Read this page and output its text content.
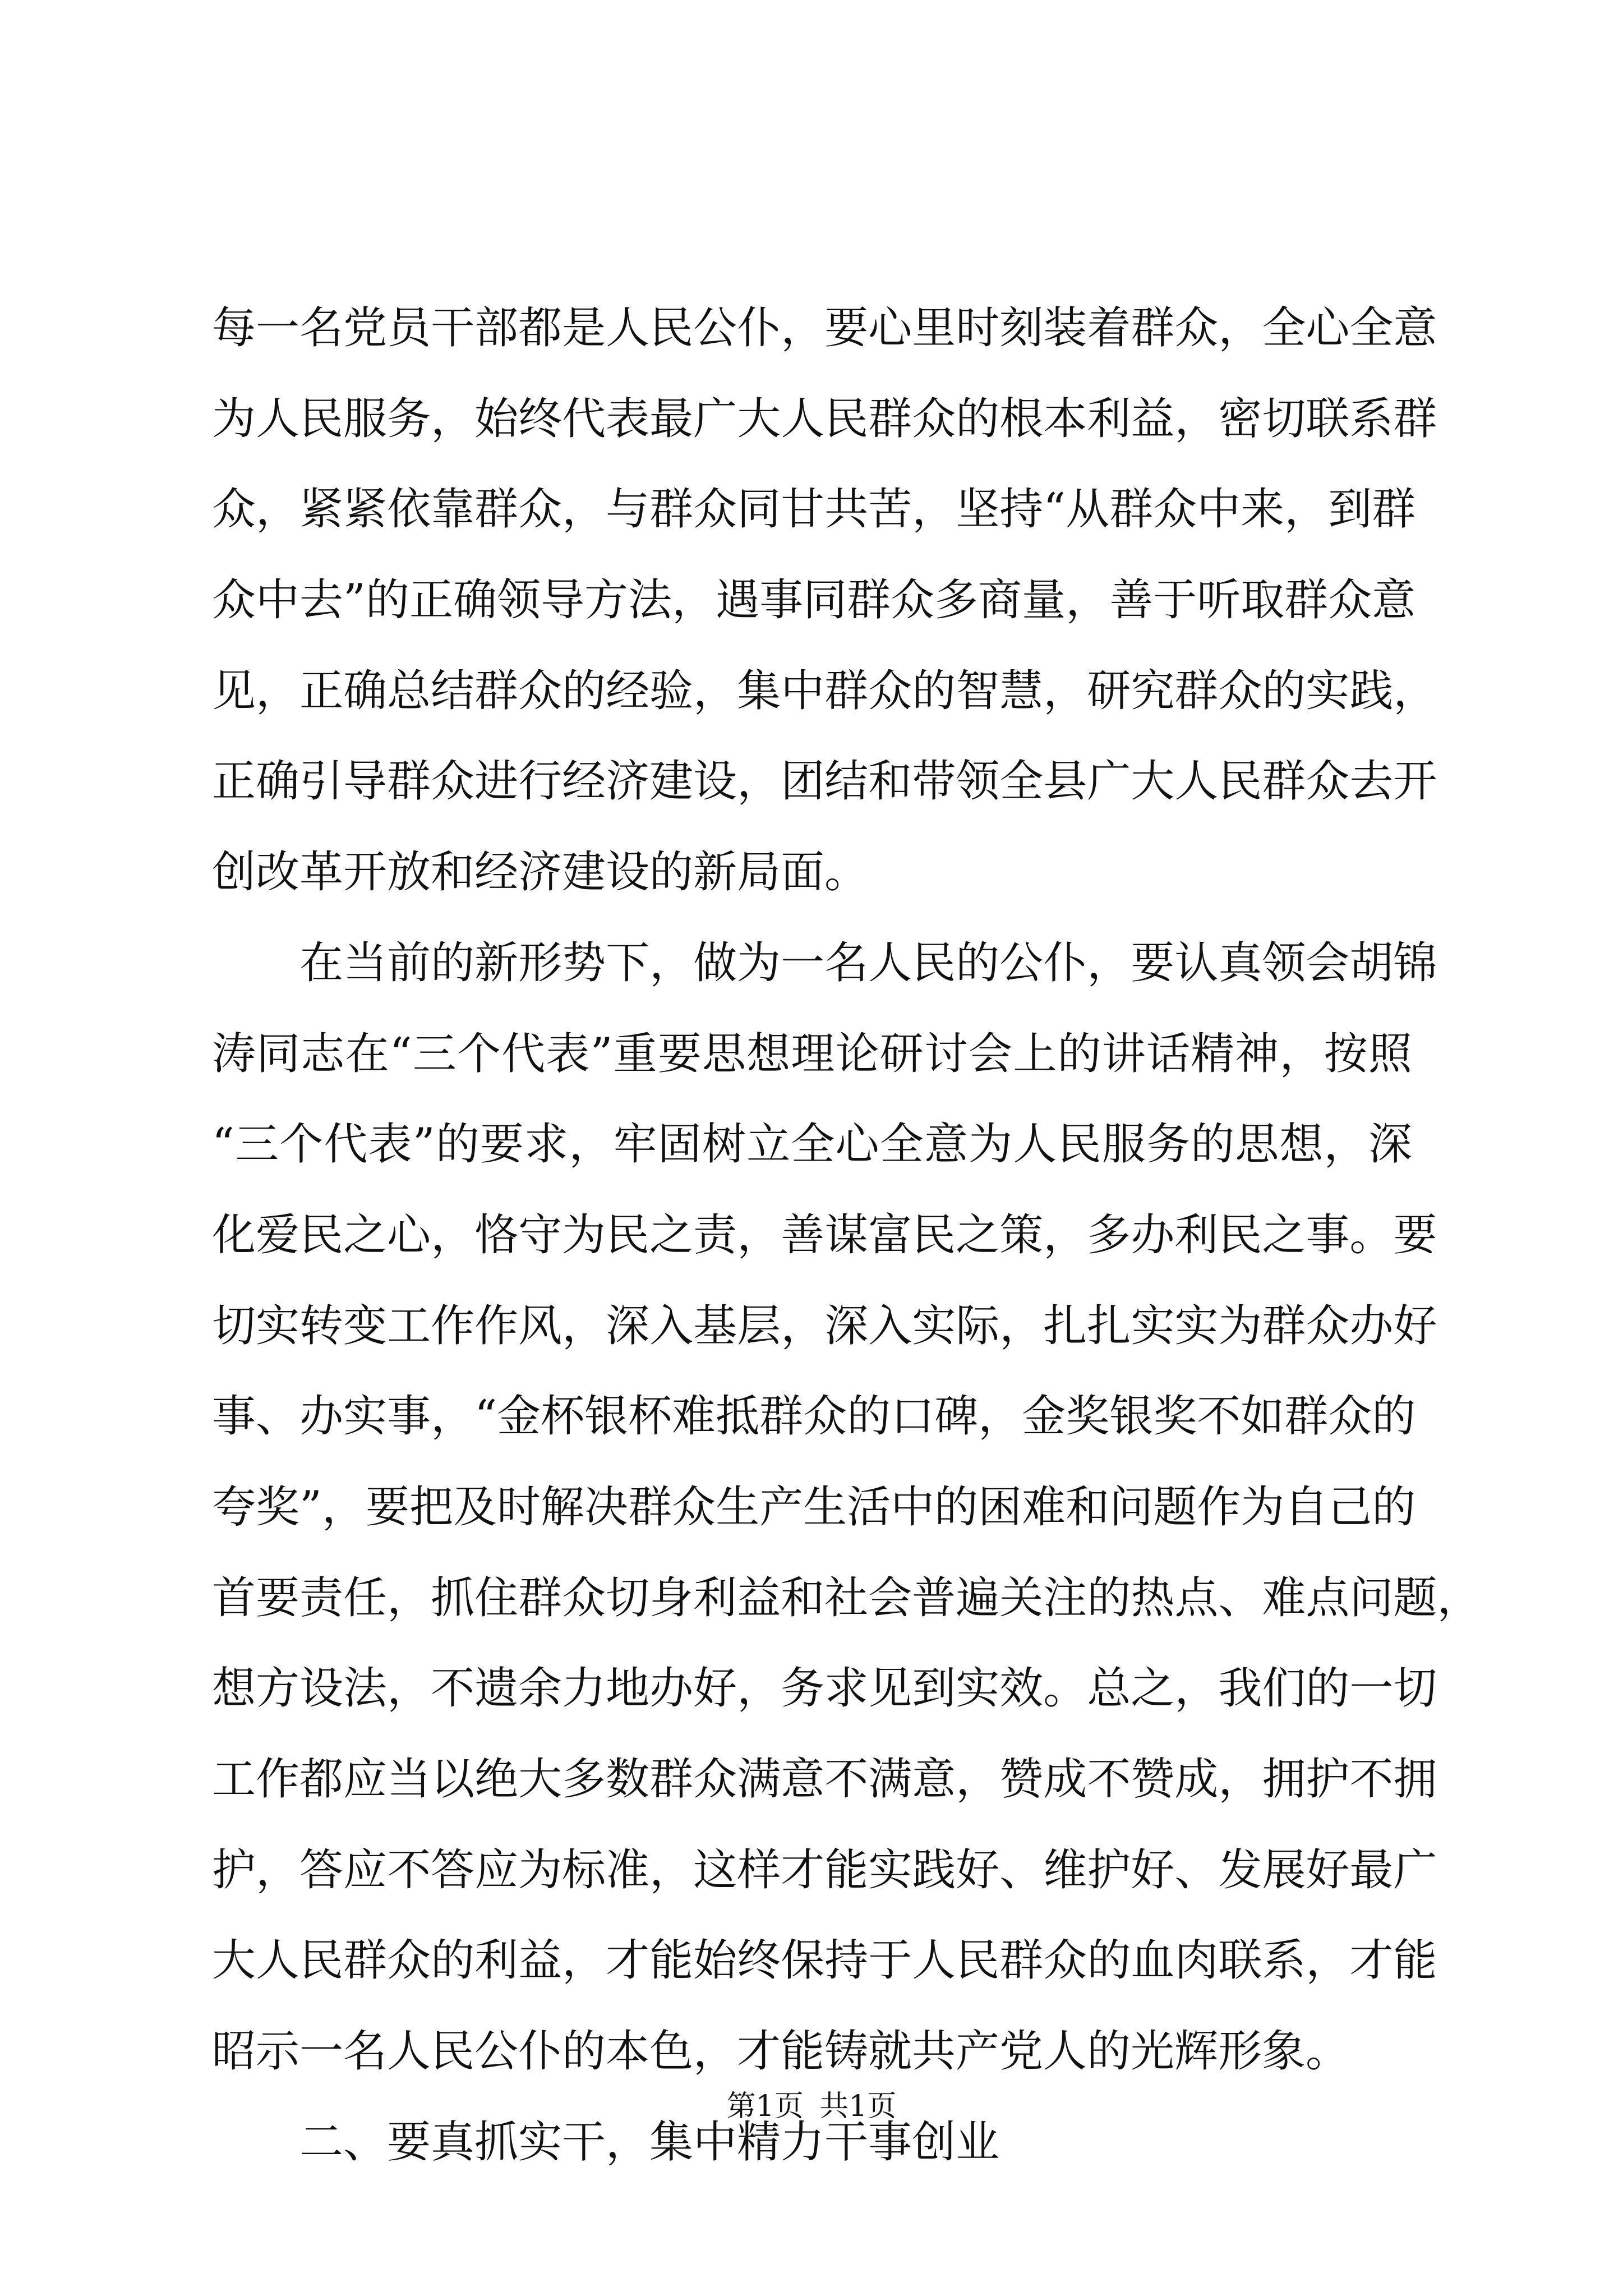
每 一 名 党 员 干 部 都 是 人 民 公 仆 ， 要 心 里 时 刻 装 着 群 众 ， 全 心 全 意
为 人 民 服 务 ， 始 终 代 表 最 广 大 人 民 群 众 的 根 本 利 益 ， 密 切 联 系 群
众 ， 紧 紧 依 靠 群 众 ， 与 群 众 同 甘 共 苦 ， 坚 持 “ 从 群 众 中 来 ， 到 群
众 中 去 ” 的 正 确 领 导 方 法 ， 遇 事 同 群 众 多 商 量 ， 善 于 听 取 群 众 意
见 ， 正 确 总 结 群 众 的 经 验 ， 集 中 群 众 的 智 慧 ， 研 究 群 众 的 实 践 ，
正 确 引 导 群 众 进 行 经 济 建 设 ， 团 结 和 带 领 全 县 广 大 人 民 群 众 去 开
创改革开放和经济建设的新局面。
在 当 前 的 新 形 势 下 ， 做 为 一 名 人 民 的 公 仆 ， 要 认 真 领 会 胡 锦
涛 同 志 在 “ 三 个 代 表 ” 重 要 思 想 理 论 研 讨 会 上 的 讲 话 精 神 ， 按 照
“ 三 个 代 表 ” 的 要 求 ， 牢 固 树 立 全 心 全 意 为 人 民 服 务 的 思 想 ， 深
化 爱 民 之 心 ， 恪 守 为 民 之 责 ， 善 谋 富 民 之 策 ， 多 办 利 民 之 事 。 要
切 实 转 变 工 作 作 风 ， 深 入 基 层 ， 深 入 实 际 ， 扎 扎 实 实 为 群 众 办 好
事 、 办 实 事 ， “ 金 杯 银 杯 难 抵 群 众 的 口 碑 ， 金 奖 银 奖 不 如 群 众 的
夸 奖 ” ， 要 把 及 时 解 决 群 众 生 产 生 活 中 的 困 难 和 问 题 作 为 自 己 的
首 要 责 任 ， 抓 住 群 众 切 身 利 益 和 社 会 普 遍 关 注 的 热 点 、 难 点 问 题 ，
想 方 设 法 ， 不 遗 余 力 地 办 好 ， 务 求 见 到 实 效 。 总 之 ， 我 们 的 一 切
工 作 都 应 当 以 绝 大 多 数 群 众 满 意 不 满 意 ， 赞 成 不 赞 成 ， 拥 护 不 拥
护 ， 答 应 不 答 应 为 标 准 ， 这 样 才 能 实 践 好 、 维 护 好 、 发 展 好 最 广
大 人 民 群 众 的 利 益 ， 才 能 始 终 保 持 于 人 民 群 众 的 血 肉 联 系 ， 才 能
昭示一名人民公仆的本色，才能铸就共产党人的光辉形象。
二、要真抓实干，集中精力干事创业
第1页 共1页
